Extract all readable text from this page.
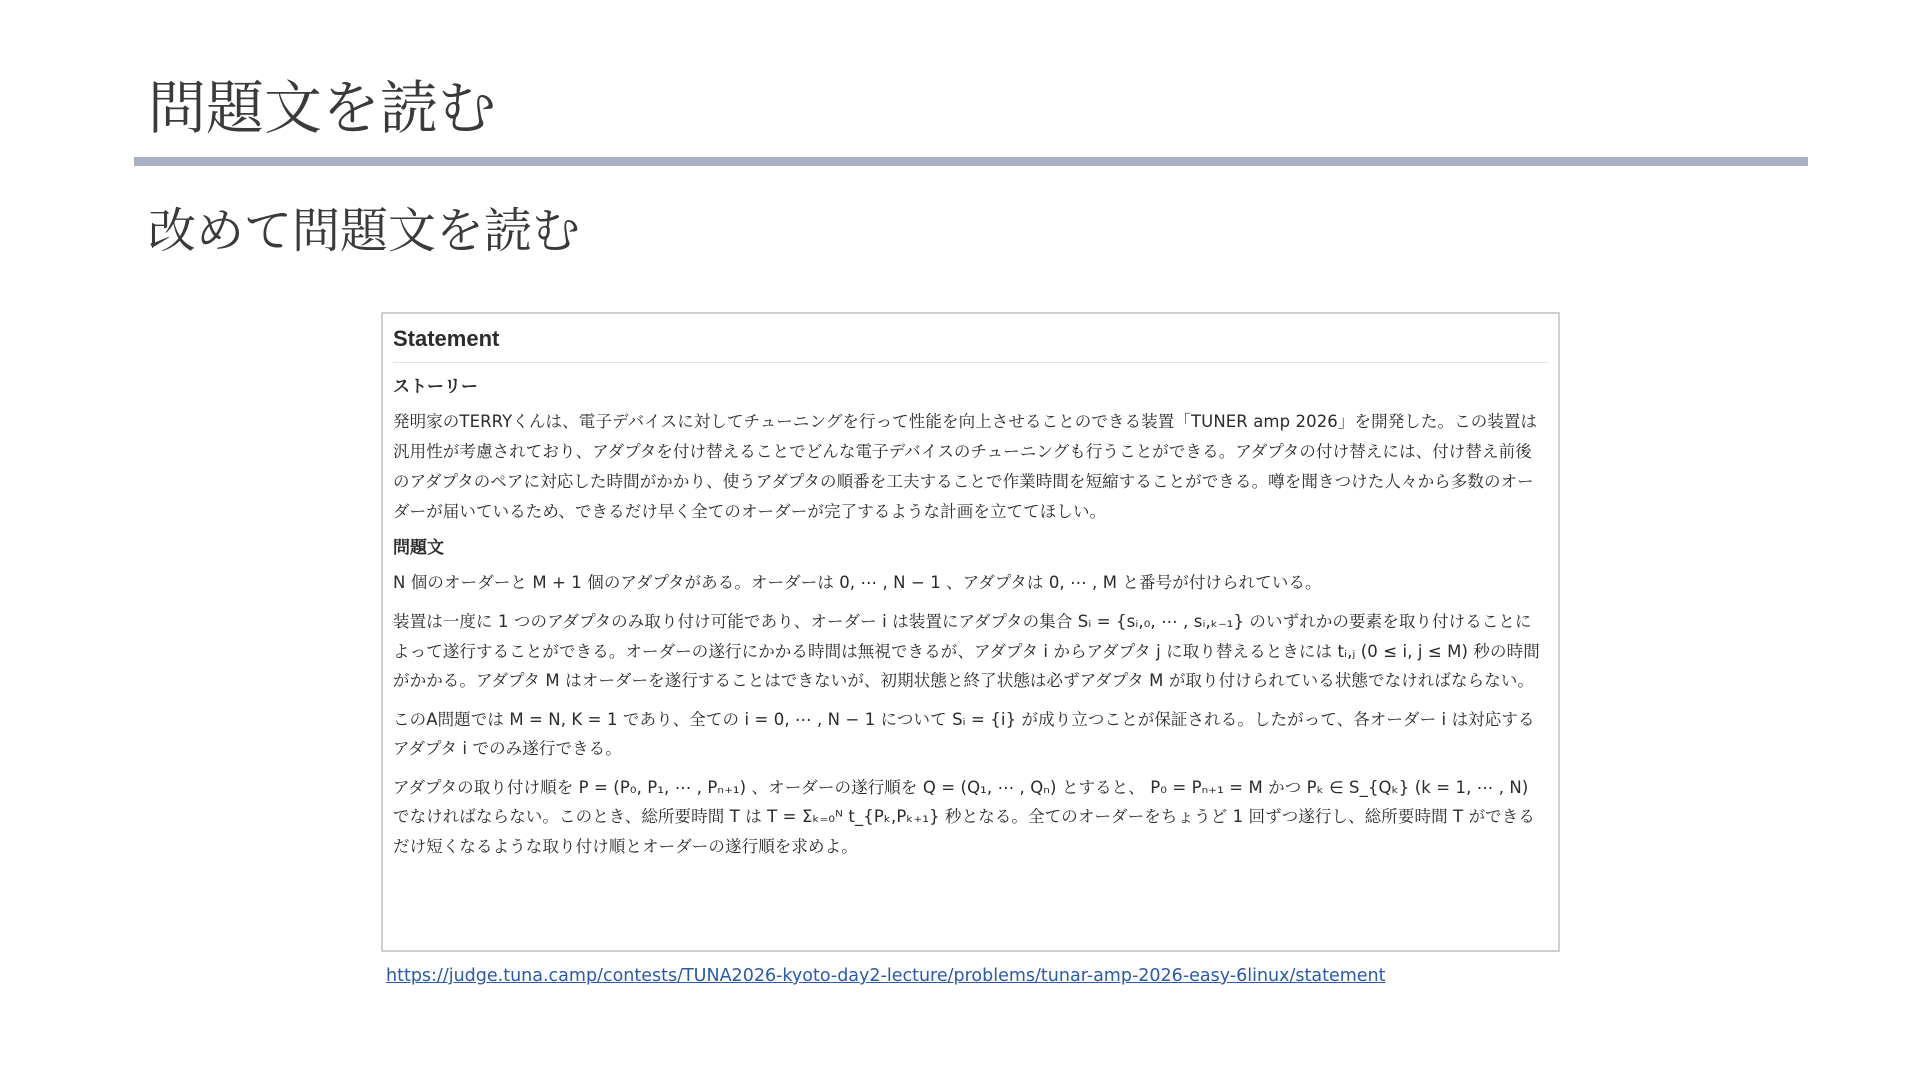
問題文を読む
改めて問題文を読む
Statement
ストーリー

発明家のTERRYくんは、電子デバイスに対してチューニングを行って性能を向上させることのできる装置「TUNER amp 2026」を開発した。この装置は汎用性が考慮されており、アダプタを付け替えることでどんな電子デバイスのチューニングも行うことができる。アダプタの付け替えには、付け替え前後のアダプタのペアに対応した時間がかかり、使うアダプタの順番を工夫することで作業時間を短縮することができる。噂を聞きつけた人々から多数のオーダーが届いているため、できるだけ早く全てのオーダーが完了するような計画を立ててほしい。

問題文

N 個のオーダーと M + 1 個のアダプタがある。オーダーは 0, ⋯ , N − 1 、アダプタは 0, ⋯ , M と番号が付けられている。

装置は一度に 1 つのアダプタのみ取り付け可能であり、オーダー i は装置にアダプタの集合 Sᵢ = {sᵢ,₀, ⋯ , sᵢ,ₖ₋₁} のいずれかの要素を取り付けることによって遂行することができる。オーダーの遂行にかかる時間は無視できるが、アダプタ i からアダプタ j に取り替えるときには tᵢ,ⱼ (0 ≤ i, j ≤ M) 秒の時間がかかる。アダプタ M はオーダーを遂行することはできないが、初期状態と終了状態は必ずアダプタ M が取り付けられている状態でなければならない。

このA問題では M = N, K = 1 であり、全ての i = 0, ⋯ , N − 1 について Sᵢ = {i} が成り立つことが保証される。したがって、各オーダー i は対応するアダプタ i でのみ遂行できる。

アダプタの取り付け順を P = (P₀, P₁, ⋯ , Pₙ₊₁) 、オーダーの遂行順を Q = (Q₁, ⋯ , Qₙ) とすると、 P₀ = Pₙ₊₁ = M かつ Pₖ ∈ S_{Qₖ} (k = 1, ⋯ , N) でなければならない。このとき、総所要時間 T は T = Σₖ₌₀ᴺ t_{Pₖ,Pₖ₊₁} 秒となる。全てのオーダーをちょうど 1 回ずつ遂行し、総所要時間 T ができるだけ短くなるような取り付け順とオーダーの遂行順を求めよ。

https://judge.tuna.camp/contests/TUNA2026-kyoto-day2-lecture/problems/tunar-amp-2026-easy-6linux/statement
